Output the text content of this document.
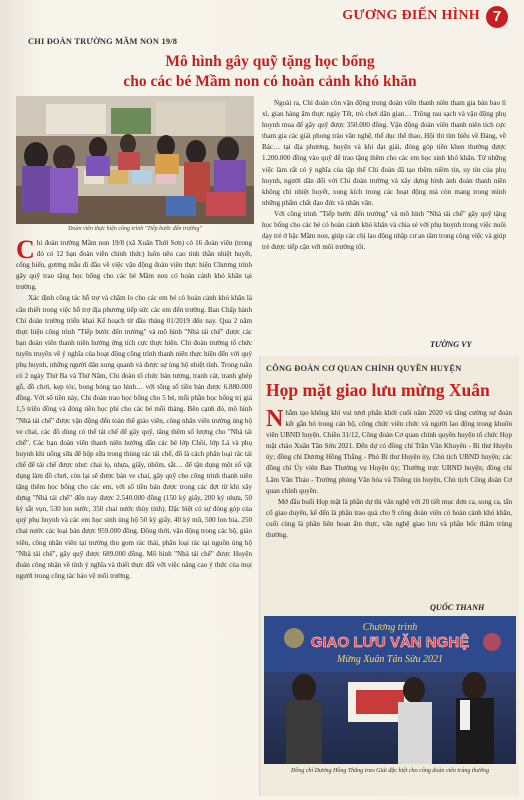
GƯƠNG ĐIỂN HÌNH 7
CHI ĐOÀN TRƯỜNG MẦM NON 19/8
Mô hình gây quỹ tặng học bổng
cho các bé Mầm non có hoàn cảnh khó khăn
Đoàn viên thực hiện công trình "Tiếp bước đến trường"

Chi đoàn trường Mầm non 19/8 (xã Xuân Thới Sơn) có 16 đoàn viên (trong đó có 12 bạn đoàn viên chính thức) luôn nêu cao tinh thần nhiệt huyết, cống hiến, gương mẫu đi đầu về việc vận động đoàn viên thực hiện Chương trình gây quỹ trao tặng học bổng cho các bé Mầm non có hoàn cảnh khó khăn tại trường.

Xác định công tác hỗ trợ và chăm lo cho các em bé có hoàn cảnh khó khăn là cần thiết trong việc hỗ trợ địa phương tiếp sức các em đến trường. Ban Chấp hành Chi đoàn trường triển khai Kế hoạch từ đầu tháng 01/2019 đến nay. Qua 2 năm thực hiện công trình "Tiếp bước đến trường" và mô hình "Nhà tái chế" được các bạn đoàn viên thanh niên hưởng ứng tích cực thực hiện. Chi đoàn trường tổ chức tuyên truyền về ý nghĩa của hoạt động công trình thanh niên thực hiện đến với quý phụ huynh, những người dân xung quanh và được sự ủng hộ nhiệt tình. Trong tuần có 2 ngày Thứ Ba và Thứ Năm, Chi đoàn tổ chức bán tương, tranh cát, tranh ghép gỗ, đồ chơi, kẹp tóc, bong bóng tạo hình… với tổng số tiền bán được 6.880.000 đồng. Với số tiền này, Chi đoàn trao học bổng cho 5 bé, mỗi phần học bổng trị giá 1,5 triệu đồng và đóng tiền học phí cho các bé mỗi tháng. Bên cạnh đó, mô hình "Nhà tái chế" được vận động đến toàn thể giáo viên, công nhân viên trường ủng hộ ve chai, các đồ dùng có thể tái chế để gây quỹ, tăng thêm số lượng cho "Nhà tái chế". Các bạn đoàn viên thanh niên hướng dẫn các bé lớp Chồi, lớp Lá và phụ huynh khi uống sữa để hộp sữa trong thùng rác tái chế, đồ là cách phân loại rác tái chế để tái chế được như: chai lọ, nhựa, giấy, nhôm, sắt… để tận dụng một số vật dụng làm đồ chơi, còn lại sẽ được bán ve chai, gây quỹ cho công trình thanh niên tặng thêm học bổng cho các em, với số tiền bán được trong các đợt từ khi xây dựng "Nhà tái chế" đến nay được 2.540.000 đồng (150 ký giấy, 200 ký nhựa, 50 ký sắt vụn, 530 lon nước, 350 chai nước thủy tinh). Đặc biệt có sự đóng góp của quý phụ huynh và các em học sinh ủng hộ 50 ký giấy, 40 ký mũ, 500 lon bia, 250 chai nước các loại bán được 959.000 đồng. Đồng thời, vận động trong các bộ, giáo viên, công nhân viên tại trường thu gom rác thải, phân loại rác tại nguồn ủng hộ "Nhà tái chế", gây quỹ được 689.000 đồng. Mô hình "Nhà tái chế" được Huyện đoàn công nhận về tính ý nghĩa và thiết thực đối với việc nâng cao ý thức của mọi người trong công tác bảo vệ môi trường.

Ngoài ra, Chi đoàn còn vận động trong đoàn viên thanh niên tham gia bán bao lì xì, gian hàng ẩm thực ngày Tết, trò chơi dân gian… Trồng rau sạch và vận động phụ huynh mua để gây quỹ được 350.000 đồng. Vận động đoàn viên thanh niên tích cực tham gia các giải phong trào văn nghệ, thể dục thể thao, Hội thi tìm hiểu về Đảng, về Bác… tại địa phương, huyện và khi đạt giải, đóng góp tiền khen thưởng được 1.200.000 đồng vào quỹ để trao tặng thêm cho các em học sinh khó khăn. Từ những việc làm rất có ý nghĩa của tập thể Chi đoàn đã tạo thêm niềm tin, uy tín của phụ huynh, người dân đối với Chi đoàn trường và xây dựng hình ảnh đoàn thanh niên không chỉ nhiệt huyết, xung kích trong các hoạt động mà còn mang trong mình những phẩm chất đạo đức và nhân văn.

Với công trình "Tiếp bước đến trường" và mô hình "Nhà tái chế" gây quỹ tặng học bổng cho các bé có hoàn cảnh khó khăn và chia sẻ với phụ huynh trong việc nuôi dạy trẻ ở bậc Mầm non, giúp các chị lao động nhập cư an tâm trong công việc và giúp trẻ được tiếp cận với môi trường tốt.

TƯỜNG VY
CÔNG ĐOÀN CƠ QUAN CHÍNH QUYỀN HUYỆN
Họp mặt giao lưu mừng Xuân

Nhằm tạo không khí vui tươi phấn khởi cuối năm 2020 và tăng cường sự đoàn kết gắn bó trong cán bộ, công chức viên chức và người lao động trong khuôn viên UBND huyện. Chiều 31/12, Công đoàn Cơ quan chính quyền huyện tổ chức Họp mặt chào Xuân Tân Sửu 2021. Đến dự có đồng chí Trần Văn Khuyên - Bí thư Huyện ủy; đồng chí Dương Hồng Thắng - Phó Bí thư Huyện ủy, Chủ tịch UBND huyện; các đồng chí Ủy viên Ban Thường vụ Huyện ủy; Thường trực UBND huyện; đồng chí Lâm Văn Tháo - Trưởng phòng Văn hóa và Thông tin huyện, Chủ tịch Công đoàn Cơ quan chính quyền.

Mở đầu buổi Họp mặt là phần dự thi văn nghệ với 20 tiết mục đơn ca, song ca, tấn cổ giao duyên, kể đến là phần trao quà cho 9 công đoàn viên có hoàn cảnh khó khăn, cuối cùng là phần liên hoan ẩm thực, văn nghệ giao lưu và phần bốc thăm trúng thưởng.

QUỐC THANH
Chương trình
GIAO LƯU VĂN NGHỆ
Mừng Xuân Tân Sửu 2021
Đồng chí Dương Hồng Thắng trao Giải đặc biệt cho công đoàn viên trúng thưởng
